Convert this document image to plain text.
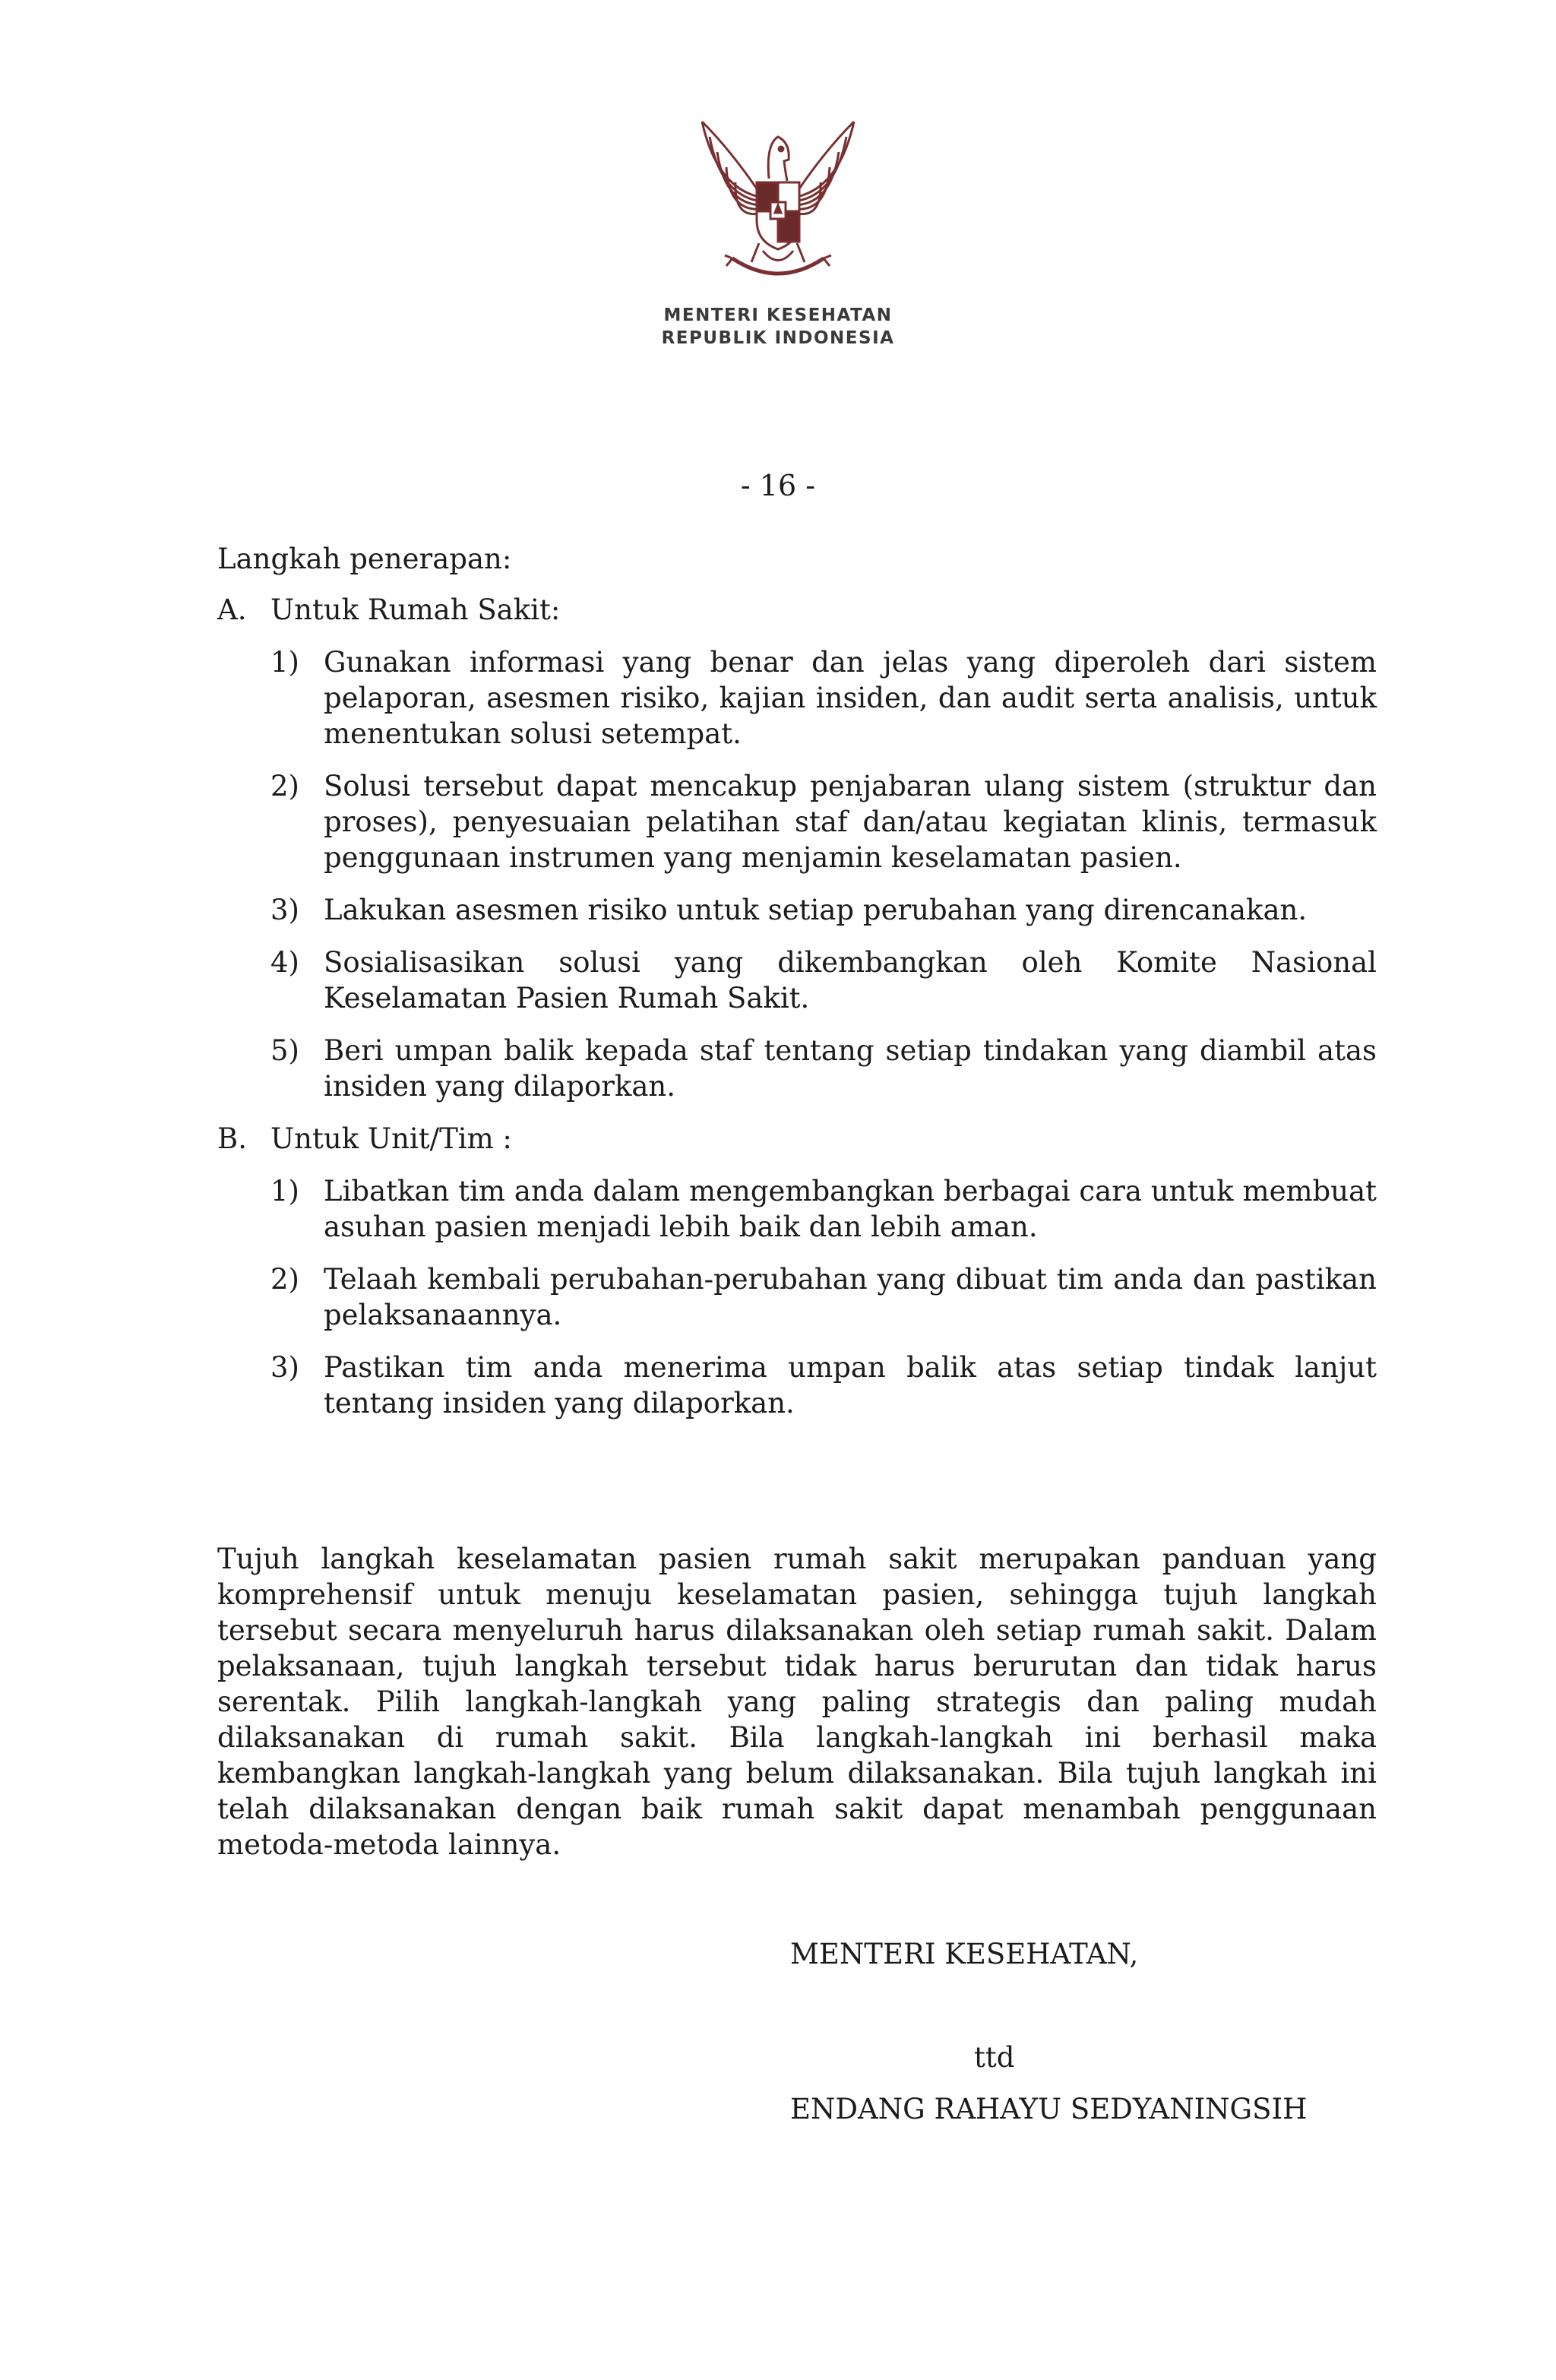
MENTERI KESEHATAN
REPUBLIK INDONESIA
- 16 -
Langkah penerapan:
A. Untuk Rumah Sakit:
1) Gunakan informasi yang benar dan jelas yang diperoleh dari sistem pelaporan, asesmen risiko, kajian insiden, dan audit serta analisis, untuk menentukan solusi setempat.
2) Solusi tersebut dapat mencakup penjabaran ulang sistem (struktur dan proses), penyesuaian pelatihan staf dan/atau kegiatan klinis, termasuk penggunaan instrumen yang menjamin keselamatan pasien.
3) Lakukan asesmen risiko untuk setiap perubahan yang direncanakan.
4) Sosialisasikan solusi yang dikembangkan oleh Komite Nasional Keselamatan Pasien Rumah Sakit.
5) Beri umpan balik kepada staf tentang setiap tindakan yang diambil atas insiden yang dilaporkan.
B. Untuk Unit/Tim :
1) Libatkan tim anda dalam mengembangkan berbagai cara untuk membuat asuhan pasien menjadi lebih baik dan lebih aman.
2) Telaah kembali perubahan-perubahan yang dibuat tim anda dan pastikan pelaksanaannya.
3) Pastikan tim anda menerima umpan balik atas setiap tindak lanjut tentang insiden yang dilaporkan.

Tujuh langkah keselamatan pasien rumah sakit merupakan panduan yang komprehensif untuk menuju keselamatan pasien, sehingga tujuh langkah tersebut secara menyeluruh harus dilaksanakan oleh setiap rumah sakit. Dalam pelaksanaan, tujuh langkah tersebut tidak harus berurutan dan tidak harus serentak. Pilih langkah-langkah yang paling strategis dan paling mudah dilaksanakan di rumah sakit. Bila langkah-langkah ini berhasil maka kembangkan langkah-langkah yang belum dilaksanakan. Bila tujuh langkah ini telah dilaksanakan dengan baik rumah sakit dapat menambah penggunaan metoda-metoda lainnya.

MENTERI KESEHATAN,
ttd
ENDANG RAHAYU SEDYANINGSIH
